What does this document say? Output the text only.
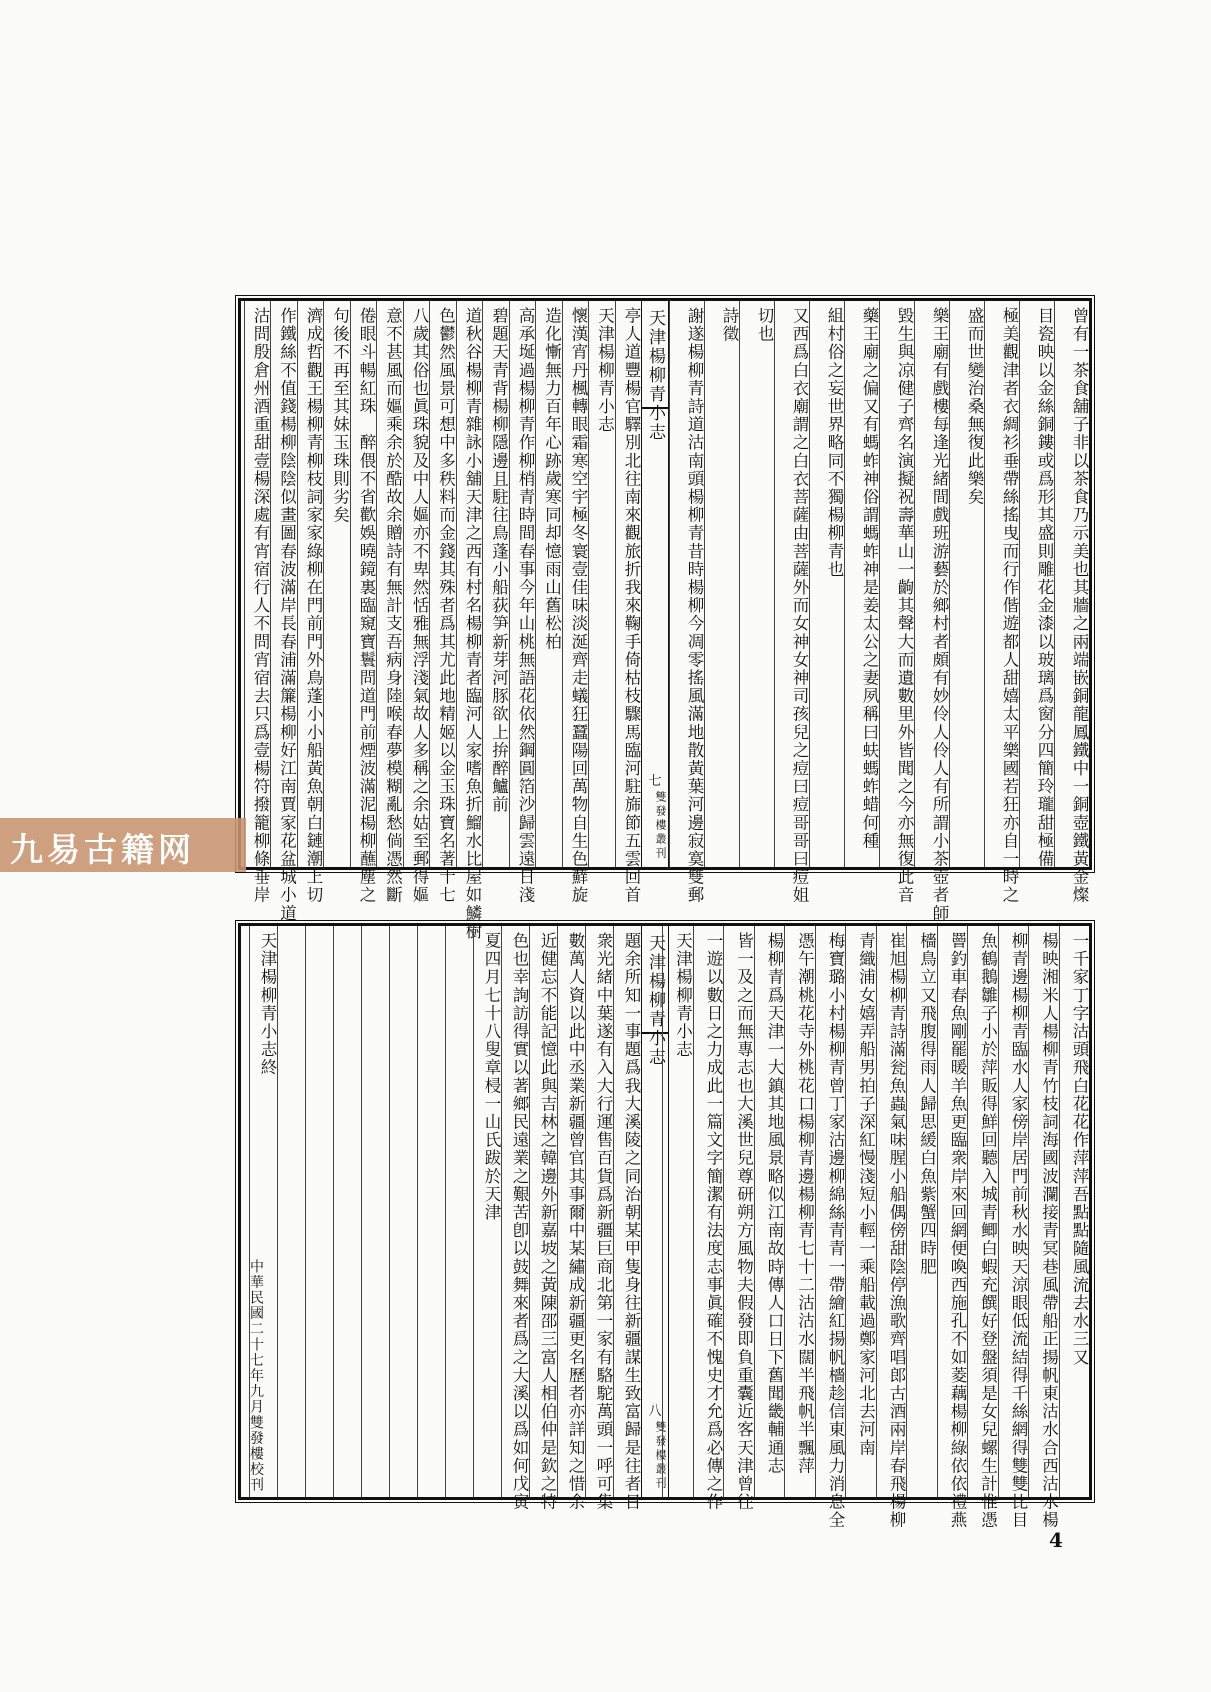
天津楊柳青小志
七
雙發樓叢刊	曾有一茶食舖子非以茶食乃示美也其牆之兩端嵌銅龍鳳鐵中一銅壺鐵黃金燦
目瓷映以金絲銅鏤或爲形其盛則雕花金漆以玻璃爲窗分四簡玲瓏甜極備
極美觀津者衣綢衫垂帶絲搖曳而行作偕遊都人甜嬉太平樂國若狂亦自一時之
盛而世變治桑無復此樂矣
樂王廟有戲樓每逢光緒間戲班游藝於鄉村者頗有妙伶人伶人有所謂小茶壺者師
毀生與凉健子齊名演擬祝壽華山一齣其聲大而遺數里外皆聞之今亦無復此音
藥王廟之偏又有螞蚱神俗謂螞蚱神是姜太公之妻夙稱曰蚨螞蚱蜡何種
組村俗之妄世界略同不獨楊柳青也
又西爲白衣廟謂之白衣菩薩由菩薩外而女神女神司孩兒之痘曰痘哥哥曰痘姐
切也
詩徵
謝遂楊柳青詩道沽南頭楊柳青昔時楊柳今凋零搖風滿地散黃葉河邊寂寞雙郵
亭人道豐楊官驛別北往南來觀旅折我來鞠手倚枯枝驟馬臨河駐旆節五雲回首
天津楊柳青小志
懷漢宵丹楓轉眼霜寒空宇極冬寰壹佳味淡涎齊走蟻狂蠶陽回萬物自生色蘚旋
造化慚無力百年心跡歲寒同却憶雨山舊松柏
高承埏過楊柳青作柳梢青時間春事今年山桃無語花依然鋼圓箔沙歸雲遠日淺
碧題天青背楊柳隱邊且駐往鳥蓬小船荻笋新芽河豚欲上拚醉鱸前
道秋谷楊柳青雜詠小舖天津之西有村名楊柳青者臨河人家嗜魚折鰡水比屋如鱗樹
色鬱然風景可想中多秩料而金錢其殊者爲其尤此地精姬以金玉珠寶名著十七
八歲其俗也眞珠貌及中人嫗亦不卑然恬雅無浮淺氣故人多稱之余姑至郵得嫗
意不甚風而嫗乘余於酷故余贈詩有無計支吾病身陸喉春夢模糊亂愁倘憑然斷
倦眼斗暢紅珠　醉偎不省歡娛曉鏡裏臨窺寶鬟問道門前煙波滿泥楊柳蘸塵之
句後不再至其妹玉珠則劣矣
濟成哲觀王楊柳青柳枝詞家家綠柳在門前門外鳥蓬小小船黃魚朝白鏈潮上切
作鐵絲不值錢楊柳陰陰似畫圖春波滿岸長春浦滿簾楊柳好江南賈家花盆城小道
沽問殷倉州酒重甜壹楊深處有宵宿行人不問宵宿去只爲壹楊符撥籠柳條垂岸
天津楊柳青小志
八
雙發樓叢刊
中華民國二十七年九月雙發樓校刊
一千家丁字沽頭飛白花花作萍萍吾點點隨風流去水三又
楊映湘米人楊柳青竹枝詞海國波瀾接青冥巷風帶船正揚帆東沽水合西沽水楊
柳青邊楊柳青臨水人家傍岸居門前秋水映天涼眼低流結得千絲網得雙雙比目
魚鶴鵝雛子小於萍販得鮮回聽入城青鲫白蝦充饌好登盤須是女兒螺生計惟憑
罾釣車春魚剛罷暖羊魚更臨衆岸來回網便喚西施孔不如菱藕楊柳綠依依禮燕
檣鳥立又飛腹得雨人歸思緩白魚紫蟹四時肥
崔旭楊柳青詩滿瓮魚蟲氣味腥小船偶傍甜陰停漁歌齊唱郎古酒兩岸春飛楊柳
青織浦女嬉弄船男拍子深紅慢淺短小輕一乘船載過鄭家河北去河南
梅寶璐小村楊柳青曾丁家沽邊柳綿絲青青一帶繪紅揚帆檣趁信東風力消息全
憑午潮桃花寺外桃花口楊柳青邊楊柳青七十二沽沽水闊半飛帆半飄萍
楊柳青爲天津一大鎮其地風景略似江南故時傳人口日下舊聞畿輔通志
皆一及之而無專志也大溪世兒尊研朔方風物夫假發即負重囊近客天津曾往
一遊以數日之力成此一篇文字簡潔有法度志事眞確不愧史才允爲必傳之作
天津楊柳青小志
題余所知一事題爲我大溪陵之同治朝某甲隻身往新疆謀生致富歸是往者日
衆光緒中葉遂有入大行運售百貨爲新疆巨商北第一家有駱駝萬頭一呼可集
數萬人資以此中丞業新疆曾官其事爾中某繡成新疆更名歷者亦詳知之惜余
近健忘不能記憶此與吉林之韓邊外新嘉坡之黃陳邵三富人相伯仲是欽之特
色也幸詢訪得實以著鄉民遠業之艱苦卽以鼓舞來者爲之大溪以爲如何戊寅
夏四月七十八叟章梫一山氏跋於天津
天津楊柳青小志終
4
九易古籍网
